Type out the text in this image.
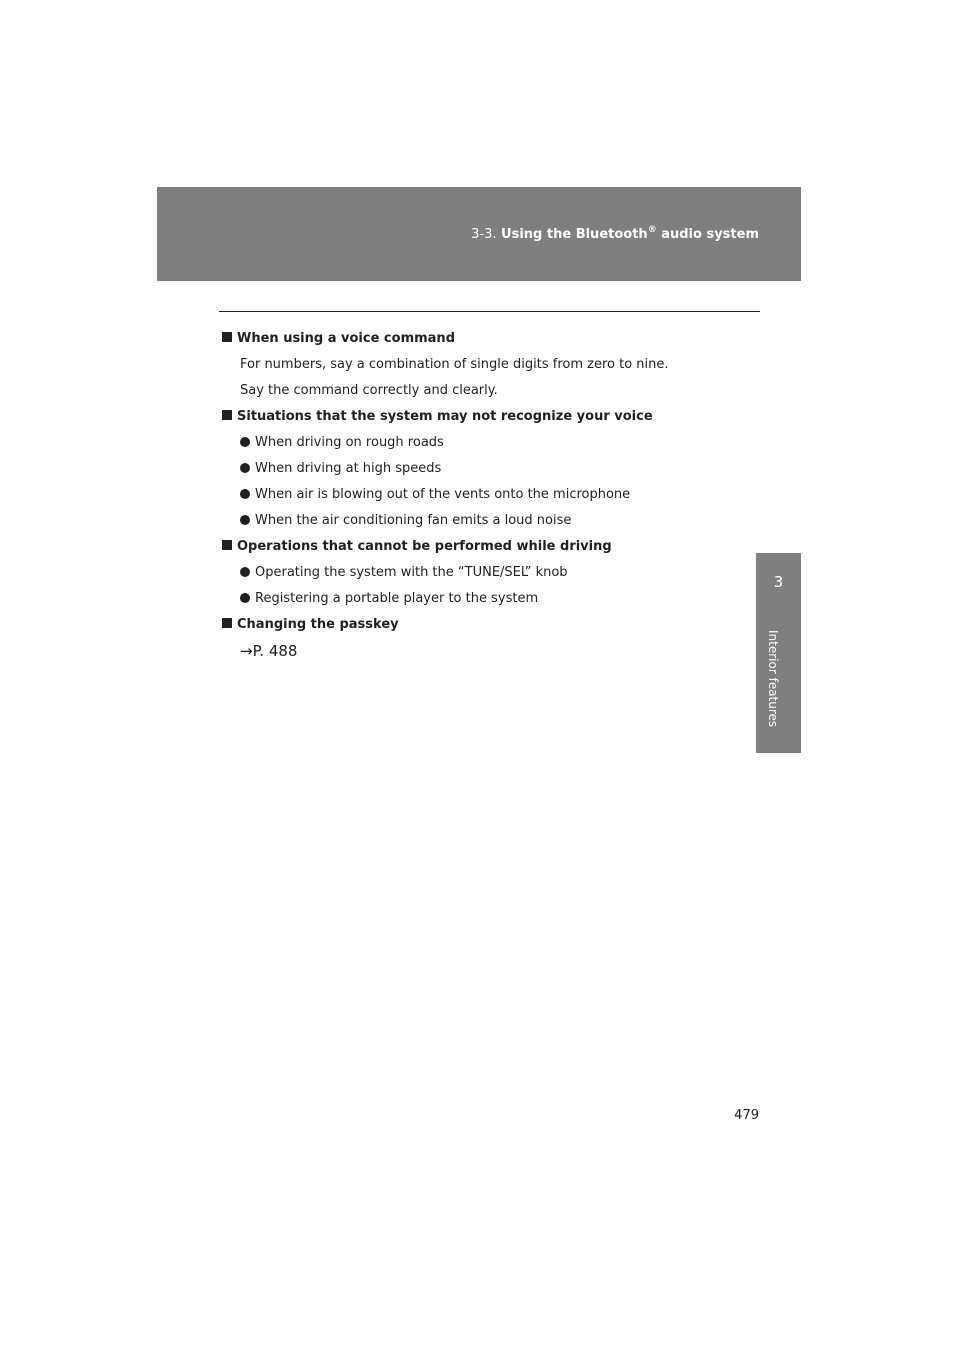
3-3. Using the Bluetooth® audio system
3
Interior features
When using a voice command
For numbers, say a combination of single digits from zero to nine.
Say the command correctly and clearly.
Situations that the system may not recognize your voice
When driving on rough roads
When driving at high speeds
When air is blowing out of the vents onto the microphone
When the air conditioning fan emits a loud noise
Operations that cannot be performed while driving
Operating the system with the “TUNE/SEL” knob
Registering a portable player to the system
Changing the passkey
→P. 488
479
